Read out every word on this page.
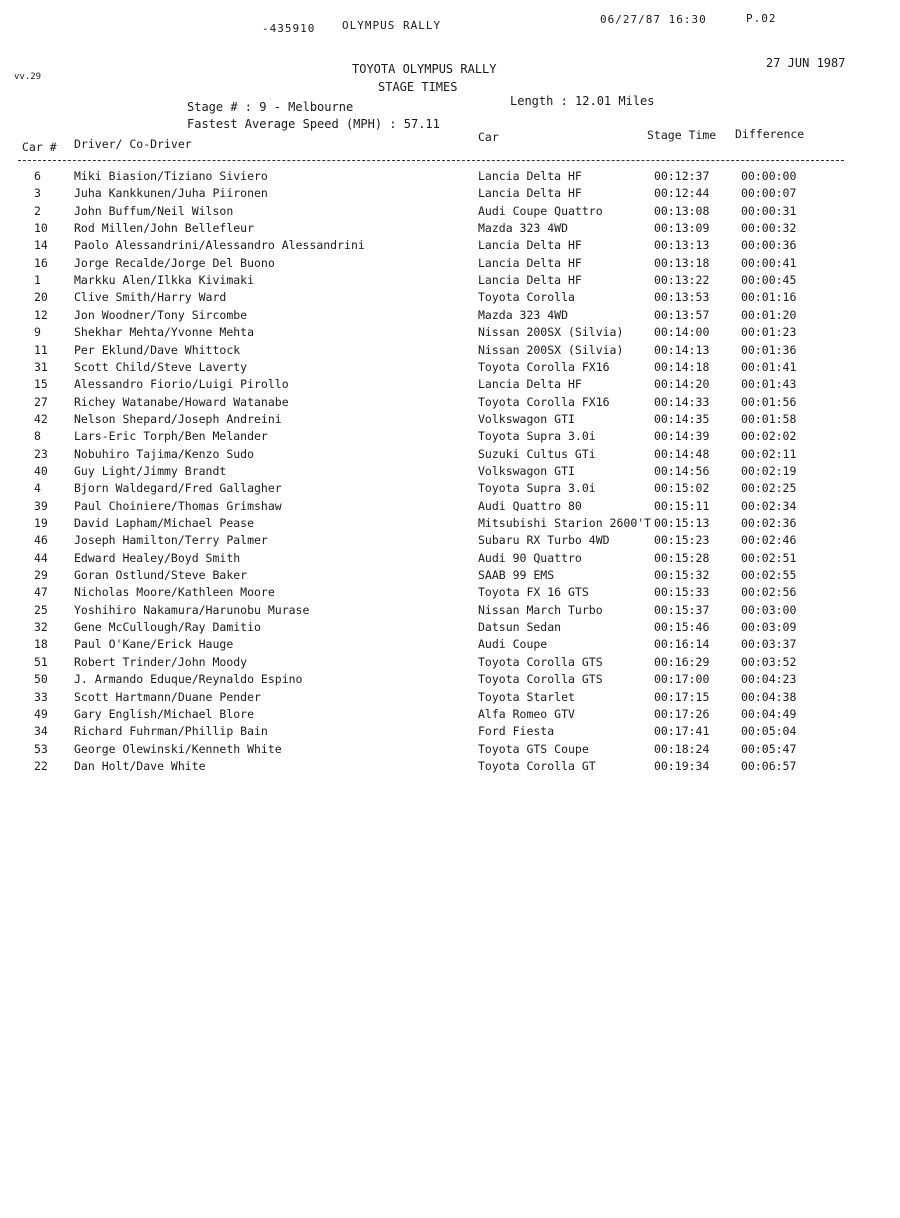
-435910 OLYMPUS RALLY	06/27/87 16:30	P.02
vv.29
TOYOTA OLYMPUS RALLY
STAGE TIMES
27 JUN 1987
Stage # : 9 - Melbourne	Length : 12.01 Miles
Fastest Average Speed (MPH) : 57.11
Car # Driver/ Co-Driver	Car	Stage Time Difference
6	Miki Biasion/Tiziano Siviero	Lancia Delta HF	00:12:37	00:00:00
3	Juha Kankkunen/Juha Piironen	Lancia Delta HF	00:12:44	00:00:07
2	John Buffum/Neil Wilson	Audi Coupe Quattro	00:13:08	00:00:31
10 Rod Millen/John Bellefleur	Mazda 323 4WD	00:13:09	00:00:32
14 Paolo Alessandrini/Alessandro Alessandrini	Lancia Delta HF	00:13:13	00:00:36
16 Jorge Recalde/Jorge Del Buono	Lancia Delta HF	00:13:18	00:00:41
1	Markku Alen/Ilkka Kivimaki	Lancia Delta HF	00:13:22	00:00:45
20 Clive Smith/Harry Ward	Toyota Corolla	00:13:53	00:01:16
12 Jon Woodner/Tony Sircombe	Mazda 323 4WD	00:13:57	00:01:20
9	Shekhar Mehta/Yvonne Mehta	Nissan 200SX (Silvia)	00:14:00	00:01:23
11 Per Eklund/Dave Whittock	Nissan 200SX (Silvia)	00:14:13	00:01:36
31 Scott Child/Steve Laverty	Toyota Corolla FX16	00:14:18	00:01:41
15 Alessandro Fiorio/Luigi Pirollo	Lancia Delta HF	00:14:20	00:01:43
27 Richey Watanabe/Howard Watanabe	Toyota Corolla FX16	00:14:33	00:01:56
42 Nelson Shepard/Joseph Andreini	Volkswagon GTI	00:14:35	00:01:58
8	Lars-Eric Torph/Ben Melander	Toyota Supra 3.0i	00:14:39	00:02:02
23 Nobuhiro Tajima/Kenzo Sudo	Suzuki Cultus GTi	00:14:48	00:02:11
40 Guy Light/Jimmy Brandt	Volkswagon GTI	00:14:56	00:02:19
4	Bjorn Waldegard/Fred Gallagher	Toyota Supra 3.0i	00:15:02	00:02:25
39 Paul Choiniere/Thomas Grimshaw	Audi Quattro 80	00:15:11	00:02:34
19 David Lapham/Michael Pease	Mitsubishi Starion 2600'T 00:15:13	00:02:36
46 Joseph Hamilton/Terry Palmer	Subaru RX Turbo 4WD	00:15:23	00:02:46
44 Edward Healey/Boyd Smith	Audi 90 Quattro	00:15:28	00:02:51
29 Goran Ostlund/Steve Baker	SAAB 99 EMS	00:15:32	00:02:55
47 Nicholas Moore/Kathleen Moore	Toyota FX 16 GTS	00:15:33	00:02:56
25 Yoshihiro Nakamura/Harunobu Murase	Nissan March Turbo	00:15:37	00:03:00
32 Gene McCullough/Ray Damitio	Datsun Sedan	00:15:46	00:03:09
18 Paul O'Kane/Erick Hauge	Audi Coupe	00:16:14	00:03:37
51 Robert Trinder/John Moody	Toyota Corolla GTS	00:16:29	00:03:52
50 J. Armando Eduque/Reynaldo Espino	Toyota Corolla GTS	00:17:00	00:04:23
33 Scott Hartmann/Duane Pender	Toyota Starlet	00:17:15	00:04:38
49 Gary English/Michael Blore	Alfa Romeo GTV	00:17:26	00:04:49
34 Richard Fuhrman/Phillip Bain	Ford Fiesta	00:17:41	00:05:04
53 George Olewinski/Kenneth White	Toyota GTS Coupe	00:18:24	00:05:47
22 Dan Holt/Dave White	Toyota Corolla GT	00:19:34	00:06:57
